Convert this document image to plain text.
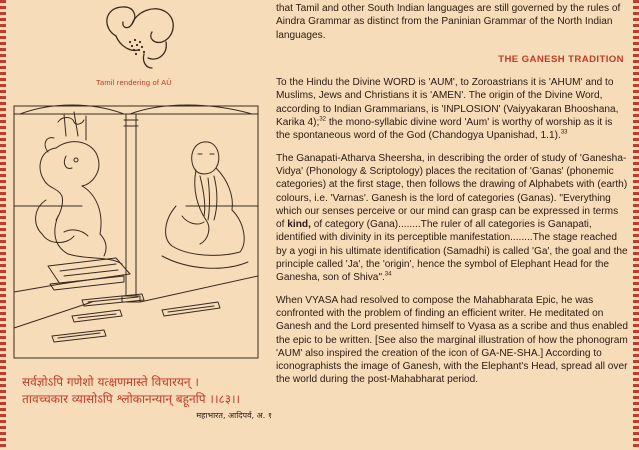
Tamil rendering of AÜ
सर्वज्ञोऽपि गणेशो यत्क्षणमास्ते विचारयन् ।
तावच्चकार व्यासोऽपि श्लोकानन्यान् बहूनपि ।।८३।।
महाभारत, आदिपर्व, अ. १

that Tamil and other South Indian languages are still governed by the rules of Aindra Grammar as distinct from the Paninian Grammar of the North Indian languages.

THE GANESH TRADITION

To the Hindu the Divine WORD is 'AUM', to Zoroastrians it is 'AHUM' and to Muslims, Jews and Christians it is 'AMEN'. The origin of the Divine Word, according to Indian Grammarians, is 'INPLOSION' (Vaiyyakaran Bhooshana, Karika 4);$^{32}$ the mono-syllabic divine word 'Aum' is worthy of worship as it is the spontaneous word of the God (Chandogya Upanishad, 1.1).$^{33}$

The Ganapati-Atharva Sheersha, in describing the order of study of 'Ganesha-Vidya' (Phonology & Scriptology) places the recitation of 'Ganas' (phonemic categories) at the first stage, then follows the drawing of Alphabets with (earth) colours, i.e. 'Varnas'. Ganesh is the lord of categories (Ganas). "Everything which our senses perceive or our mind can grasp can be expressed in terms of kind, of category (Gana)........The ruler of all categories is Ganapati, identified with divinity in its perceptible manifestation........The stage reached by a yogi in his ultimate identification (Samadhi) is called 'Ga', the goal and the principle called 'Ja', the 'origin', hence the symbol of Elephant Head for the Ganesha, son of Shiva".$^{34}$

When VYASA had resolved to compose the Mahabharata Epic, he was confronted with the problem of finding an efficient writer. He meditated on Ganesh and the Lord presented himself to Vyasa as a scribe and thus enabled the epic to be written. [See also the marginal illustration of how the phonogram 'AUM' also inspired the creation of the icon of GA-NE-SHA.] According to iconographists the image of Ganesh, with the Elephant's Head, spread all over the world during the post-Mahabharat period.
